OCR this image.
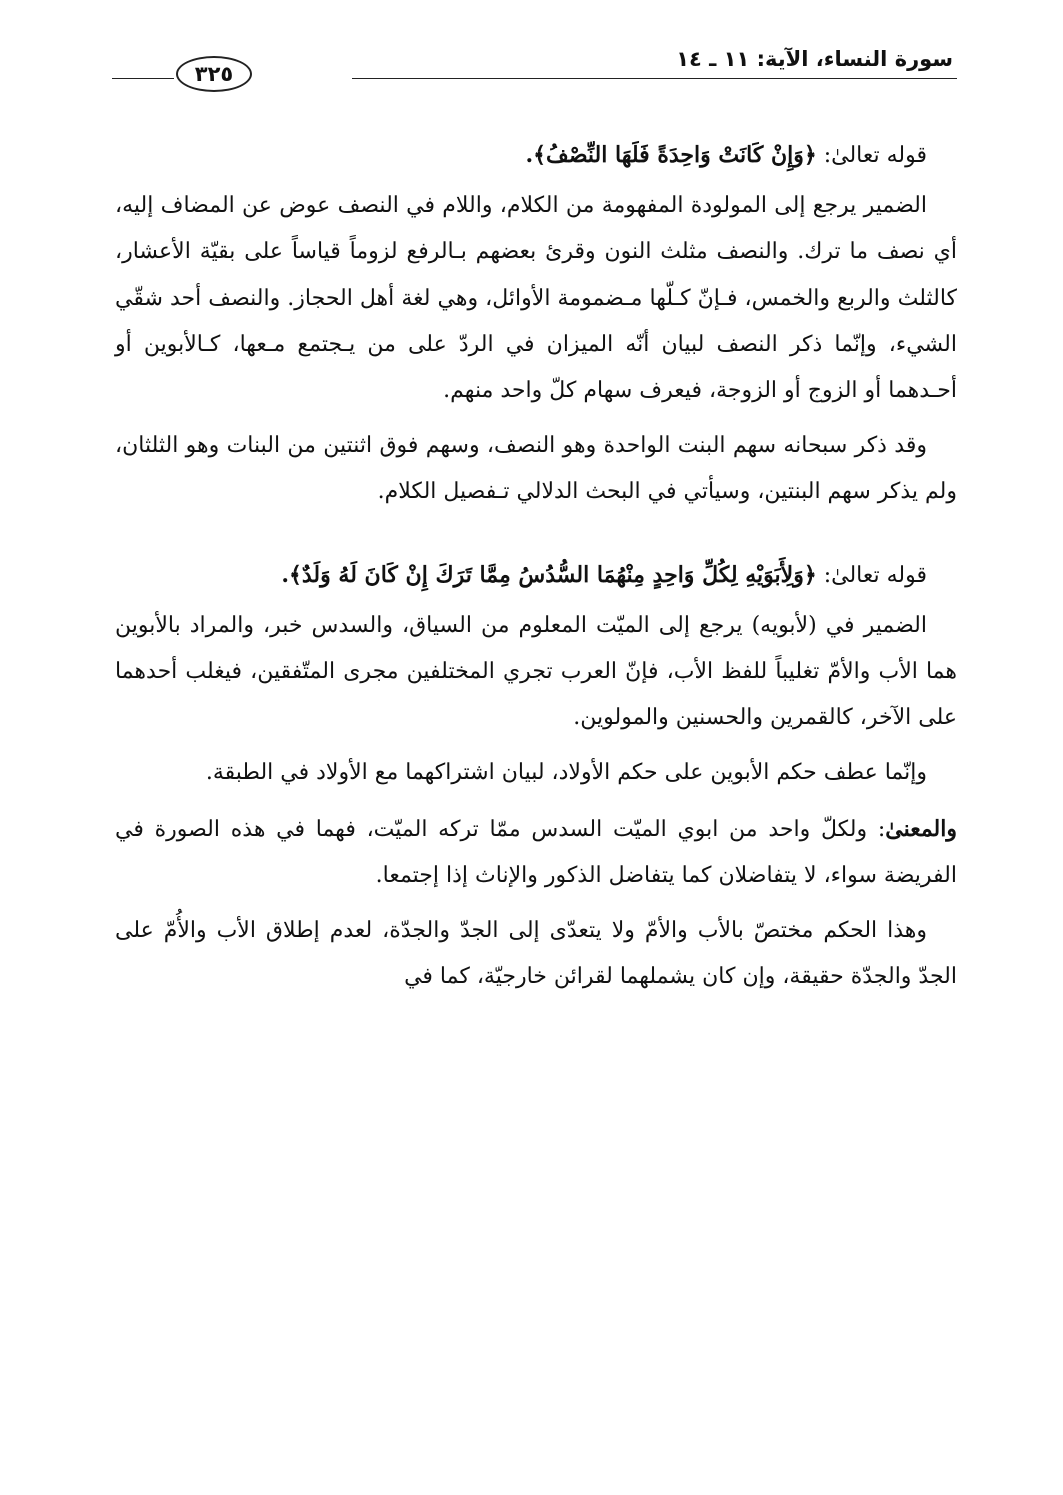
سورة النساء، الآية: ١١ ـ ١٤
٣٢٥

قوله تعالىٰ: ﴿وَإِنْ كَانَتْ وَاحِدَةً فَلَهَا النِّصْفُ﴾.

الضمير يرجع إلى المولودة المفهومة من الكلام، واللام في النصف عوض عن المضاف إليه، أي نصف ما ترك. والنصف مثلث النون وقرئ بعضهم بـالرفع لزوماً قياساً على بقيّة الأعشار، كالثلث والربع والخمس، فـإنّ كـلّها مـضمومة الأوائل، وهي لغة أهل الحجاز. والنصف أحد شقّي الشيء، وإنّما ذكر النصف لبيان أنّه الميزان في الردّ على من يـجتمع مـعها، كـالأبوين أو أحـدهما أو الزوج أو الزوجة، فيعرف سهام كلّ واحد منهم.

وقد ذكر سبحانه سهم البنت الواحدة وهو النصف، وسهم فوق اثنتين من البنات وهو الثلثان، ولم يذكر سهم البنتين، وسيأتي في البحث الدلالي تـفصيل الكلام.

قوله تعالىٰ: ﴿وَلِأَبَوَيْهِ لِكُلِّ وَاحِدٍ مِنْهُمَا السُّدُسُ مِمَّا تَرَكَ إِنْ كَانَ لَهُ وَلَدٌ﴾.

الضمير في (لأبويه) يرجع إلى الميّت المعلوم من السياق، والسدس خبر، والمراد بالأبوين هما الأب والأمّ تغليباً للفظ الأب، فإنّ العرب تجري المختلفين مجرى المتّفقين، فيغلب أحدهما على الآخر، كالقمرين والحسنين والمولوين.

وإنّما عطف حكم الأبوين على حكم الأولاد، لبيان اشتراكهما مع الأولاد في الطبقة.

والمعنىٰ: ولكلّ واحد من ابوي الميّت السدس ممّا تركه الميّت، فهما في هذه الصورة في الفريضة سواء، لا يتفاضلان كما يتفاضل الذكور والإناث إذا إجتمعا.

وهذا الحكم مختصّ بالأب والأمّ ولا يتعدّى إلى الجدّ والجدّة، لعدم إطلاق الأب والأُمّ على الجدّ والجدّة حقيقة، وإن كان يشملهما لقرائن خارجيّة، كما في
